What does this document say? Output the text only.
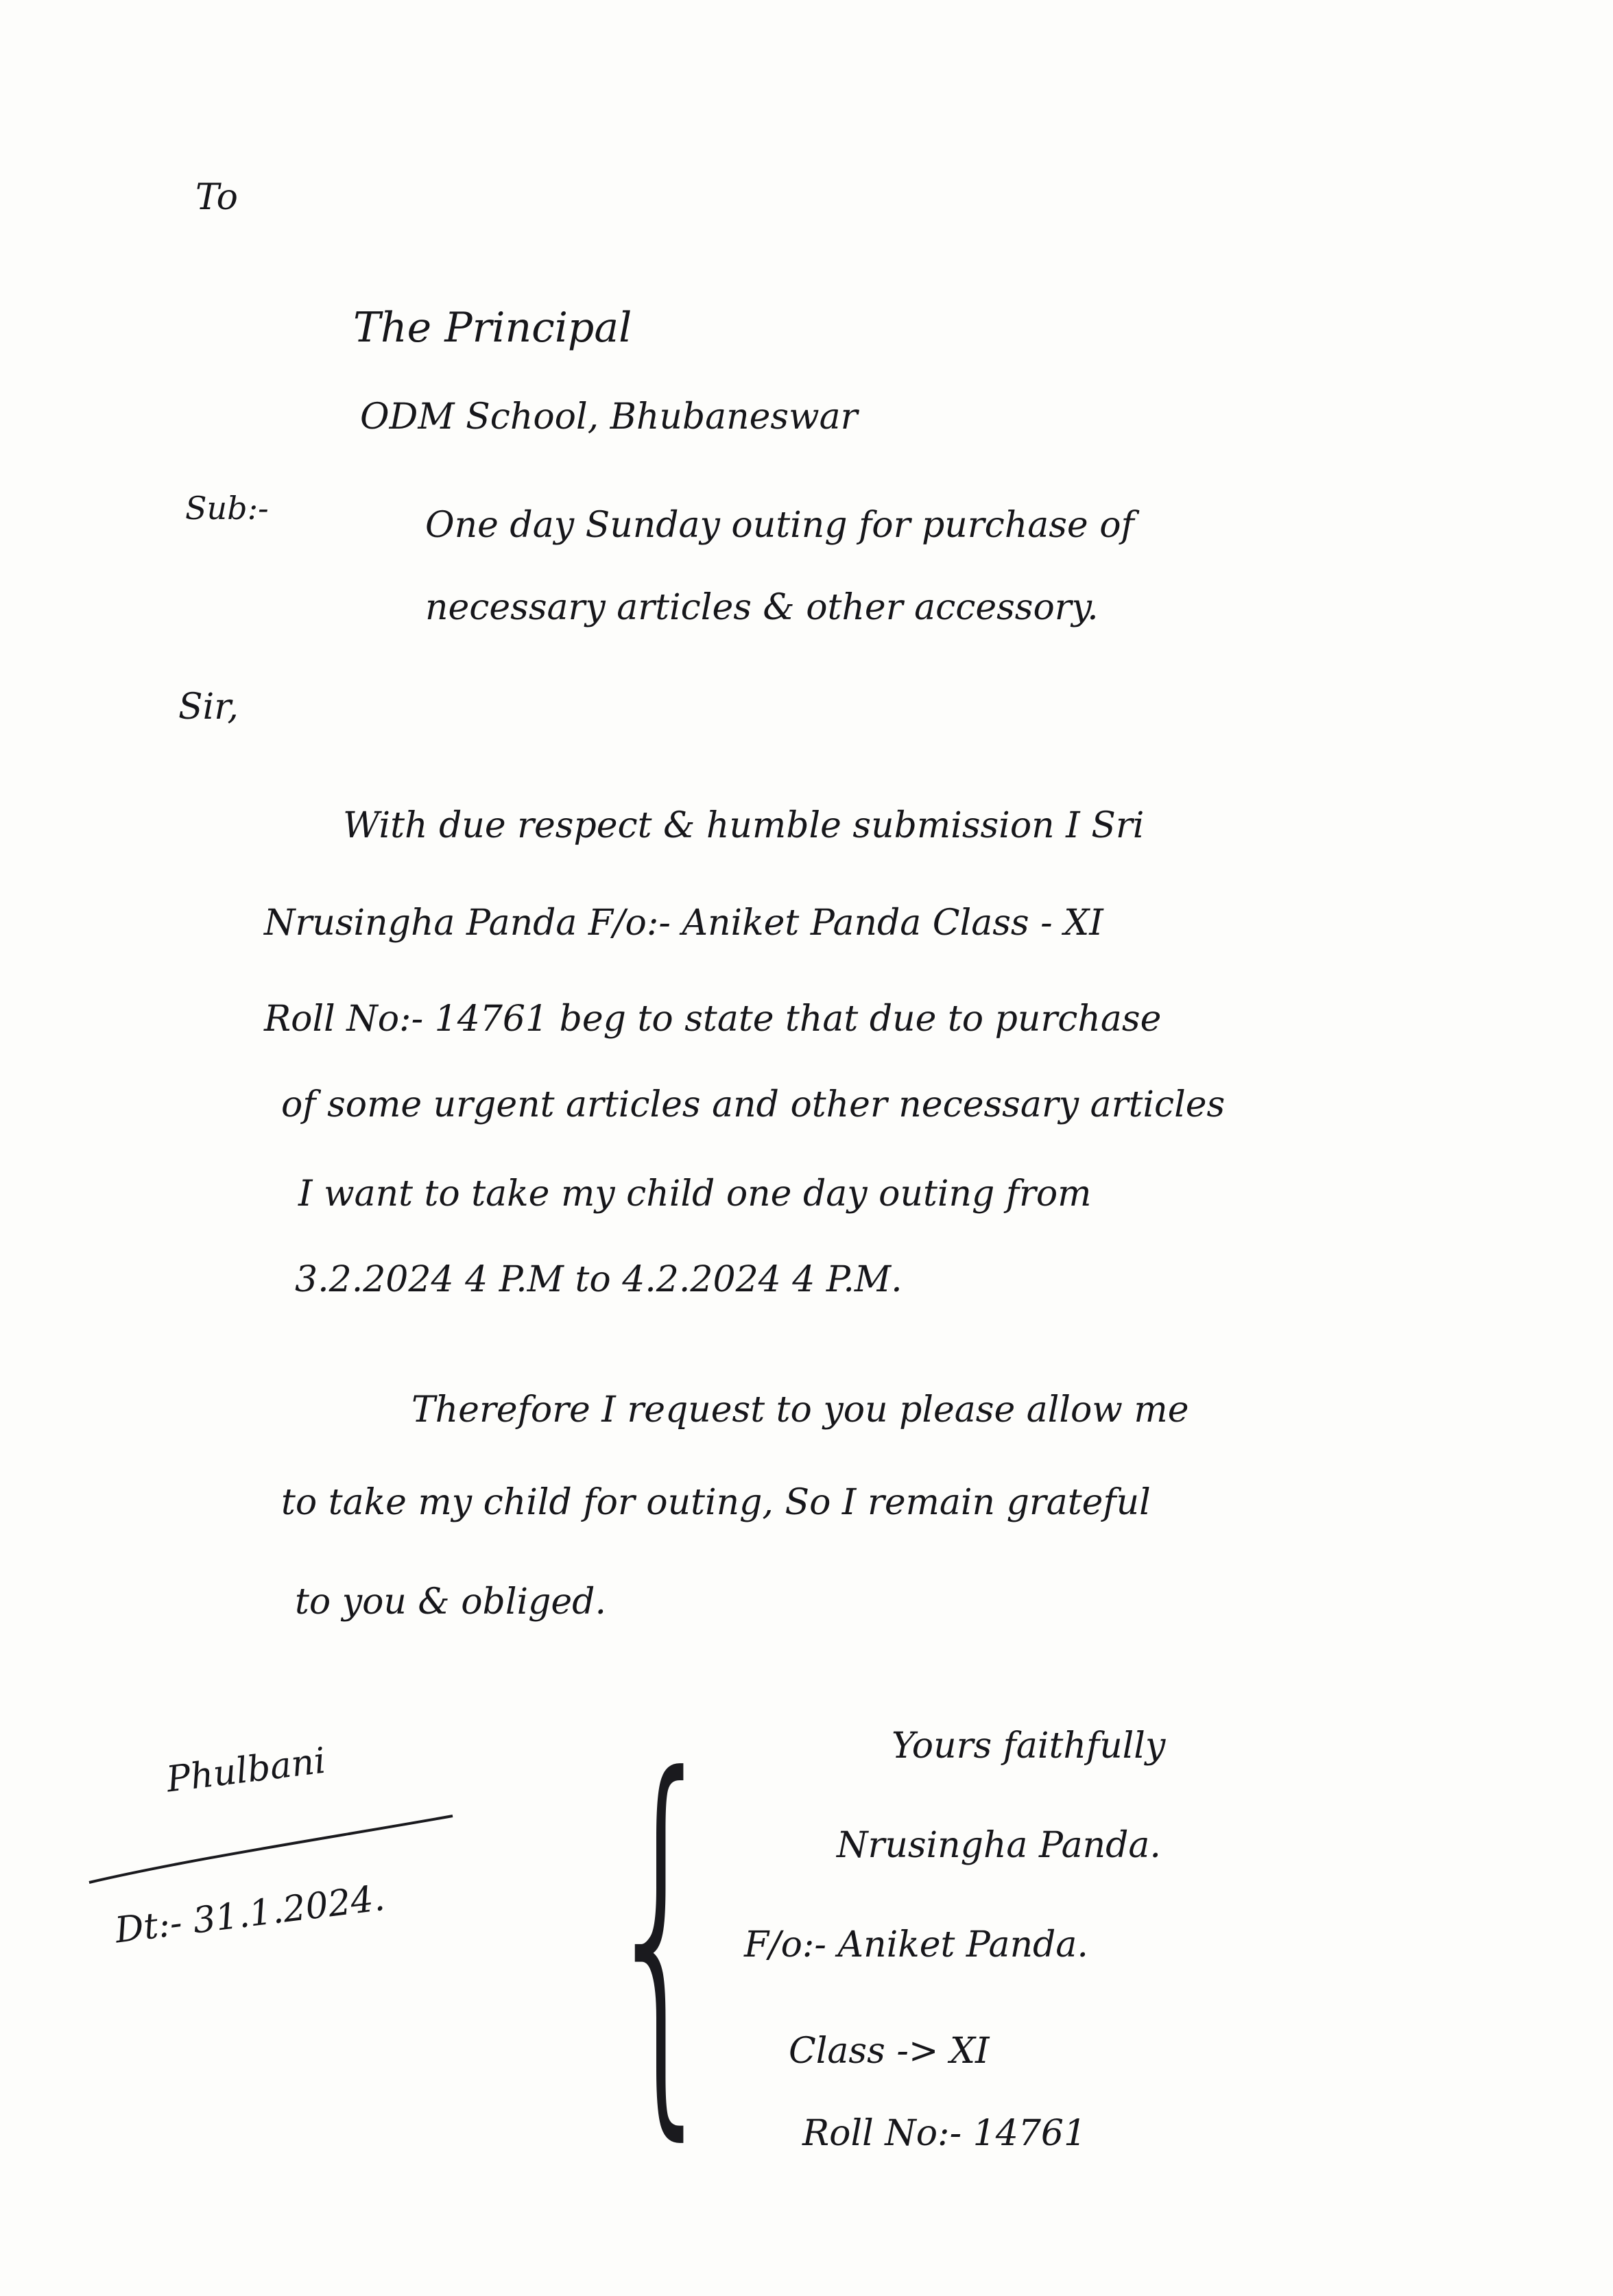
To
The Principal
ODM School, Bhubaneswar
Sub:-	One day Sunday outing for purchase of
necessary articles & other accessory.
Sir,
With due respect & humble submission I Sri
Nrusingha Panda F/o:- Aniket Panda Class - XI
Roll No:- 14761 beg to state that due to purchase
of some urgent articles and other necessary articles
I want to take my child one day outing from
3.2.2024 4 P.M to 4.2.2024 4 P.M.
Therefore I request to you please allow me
to take my child for outing, So I remain grateful
to you & obliged.
Phulbani
Dt:- 31.1.2024. {	Yours faithfully
Nrusingha Panda.
F/o:- Aniket Panda.
Class -> XI
Roll No:- 14761
